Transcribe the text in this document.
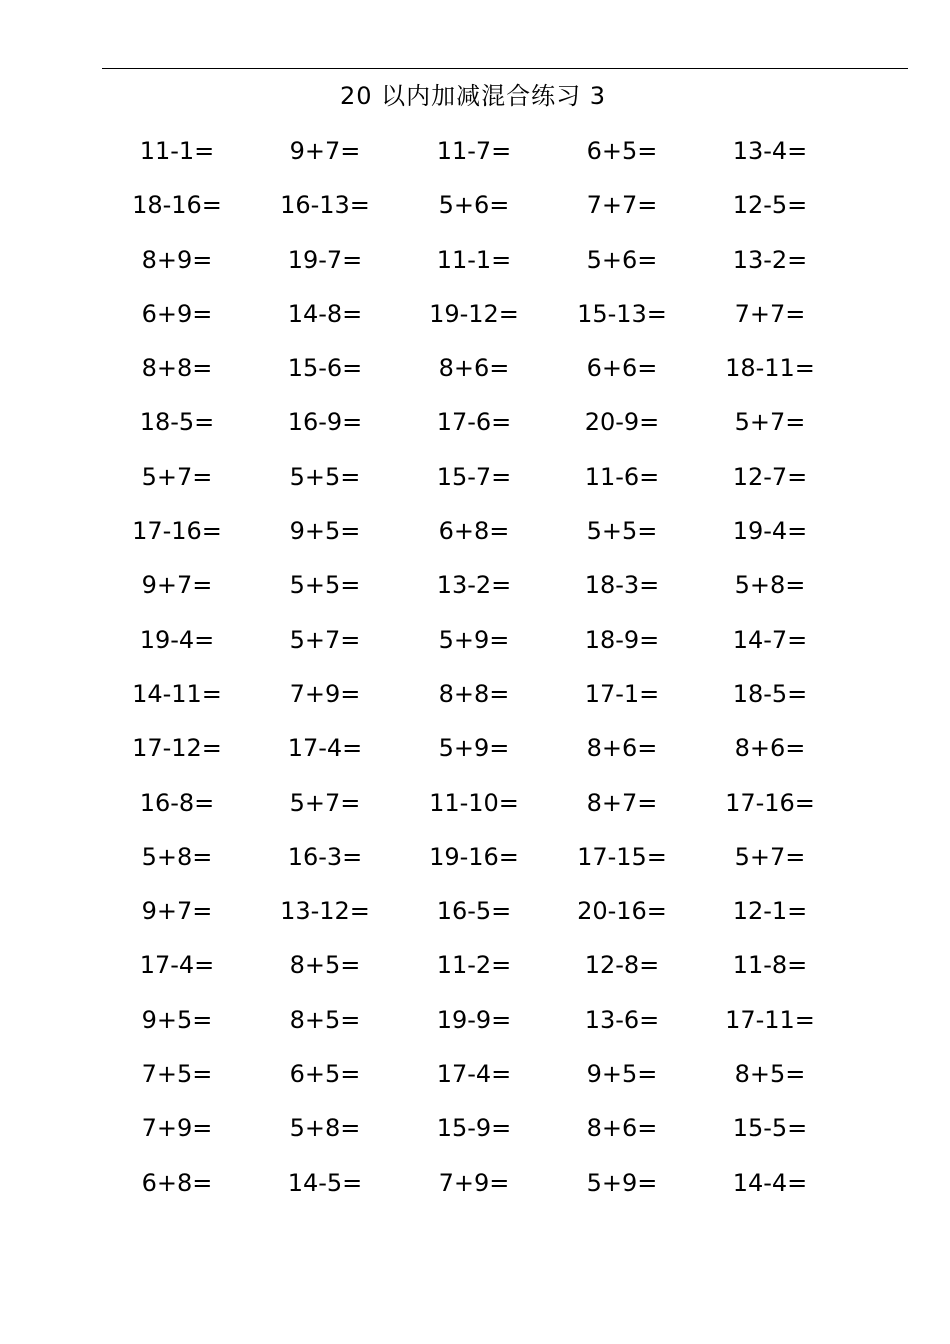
20 以内加减混合练习 3
11-1=	9+7=	11-7=	6+5=	13-4=
18-16=	16-13=	5+6=	7+7=	12-5=
8+9=	19-7=	11-1=	5+6=	13-2=
6+9=	14-8=	19-12=	15-13=	7+7=
8+8=	15-6=	8+6=	6+6=	18-11=
18-5=	16-9=	17-6=	20-9=	5+7=
5+7=	5+5=	15-7=	11-6=	12-7=
17-16=	9+5=	6+8=	5+5=	19-4=
9+7=	5+5=	13-2=	18-3=	5+8=
19-4=	5+7=	5+9=	18-9=	14-7=
14-11=	7+9=	8+8=	17-1=	18-5=
17-12=	17-4=	5+9=	8+6=	8+6=
16-8=	5+7=	11-10=	8+7=	17-16=
5+8=	16-3=	19-16=	17-15=	5+7=
9+7=	13-12=	16-5=	20-16=	12-1=
17-4=	8+5=	11-2=	12-8=	11-8=
9+5=	8+5=	19-9=	13-6=	17-11=
7+5=	6+5=	17-4=	9+5=	8+5=
7+9=	5+8=	15-9=	8+6=	15-5=
6+8=	14-5=	7+9=	5+9=	14-4=
